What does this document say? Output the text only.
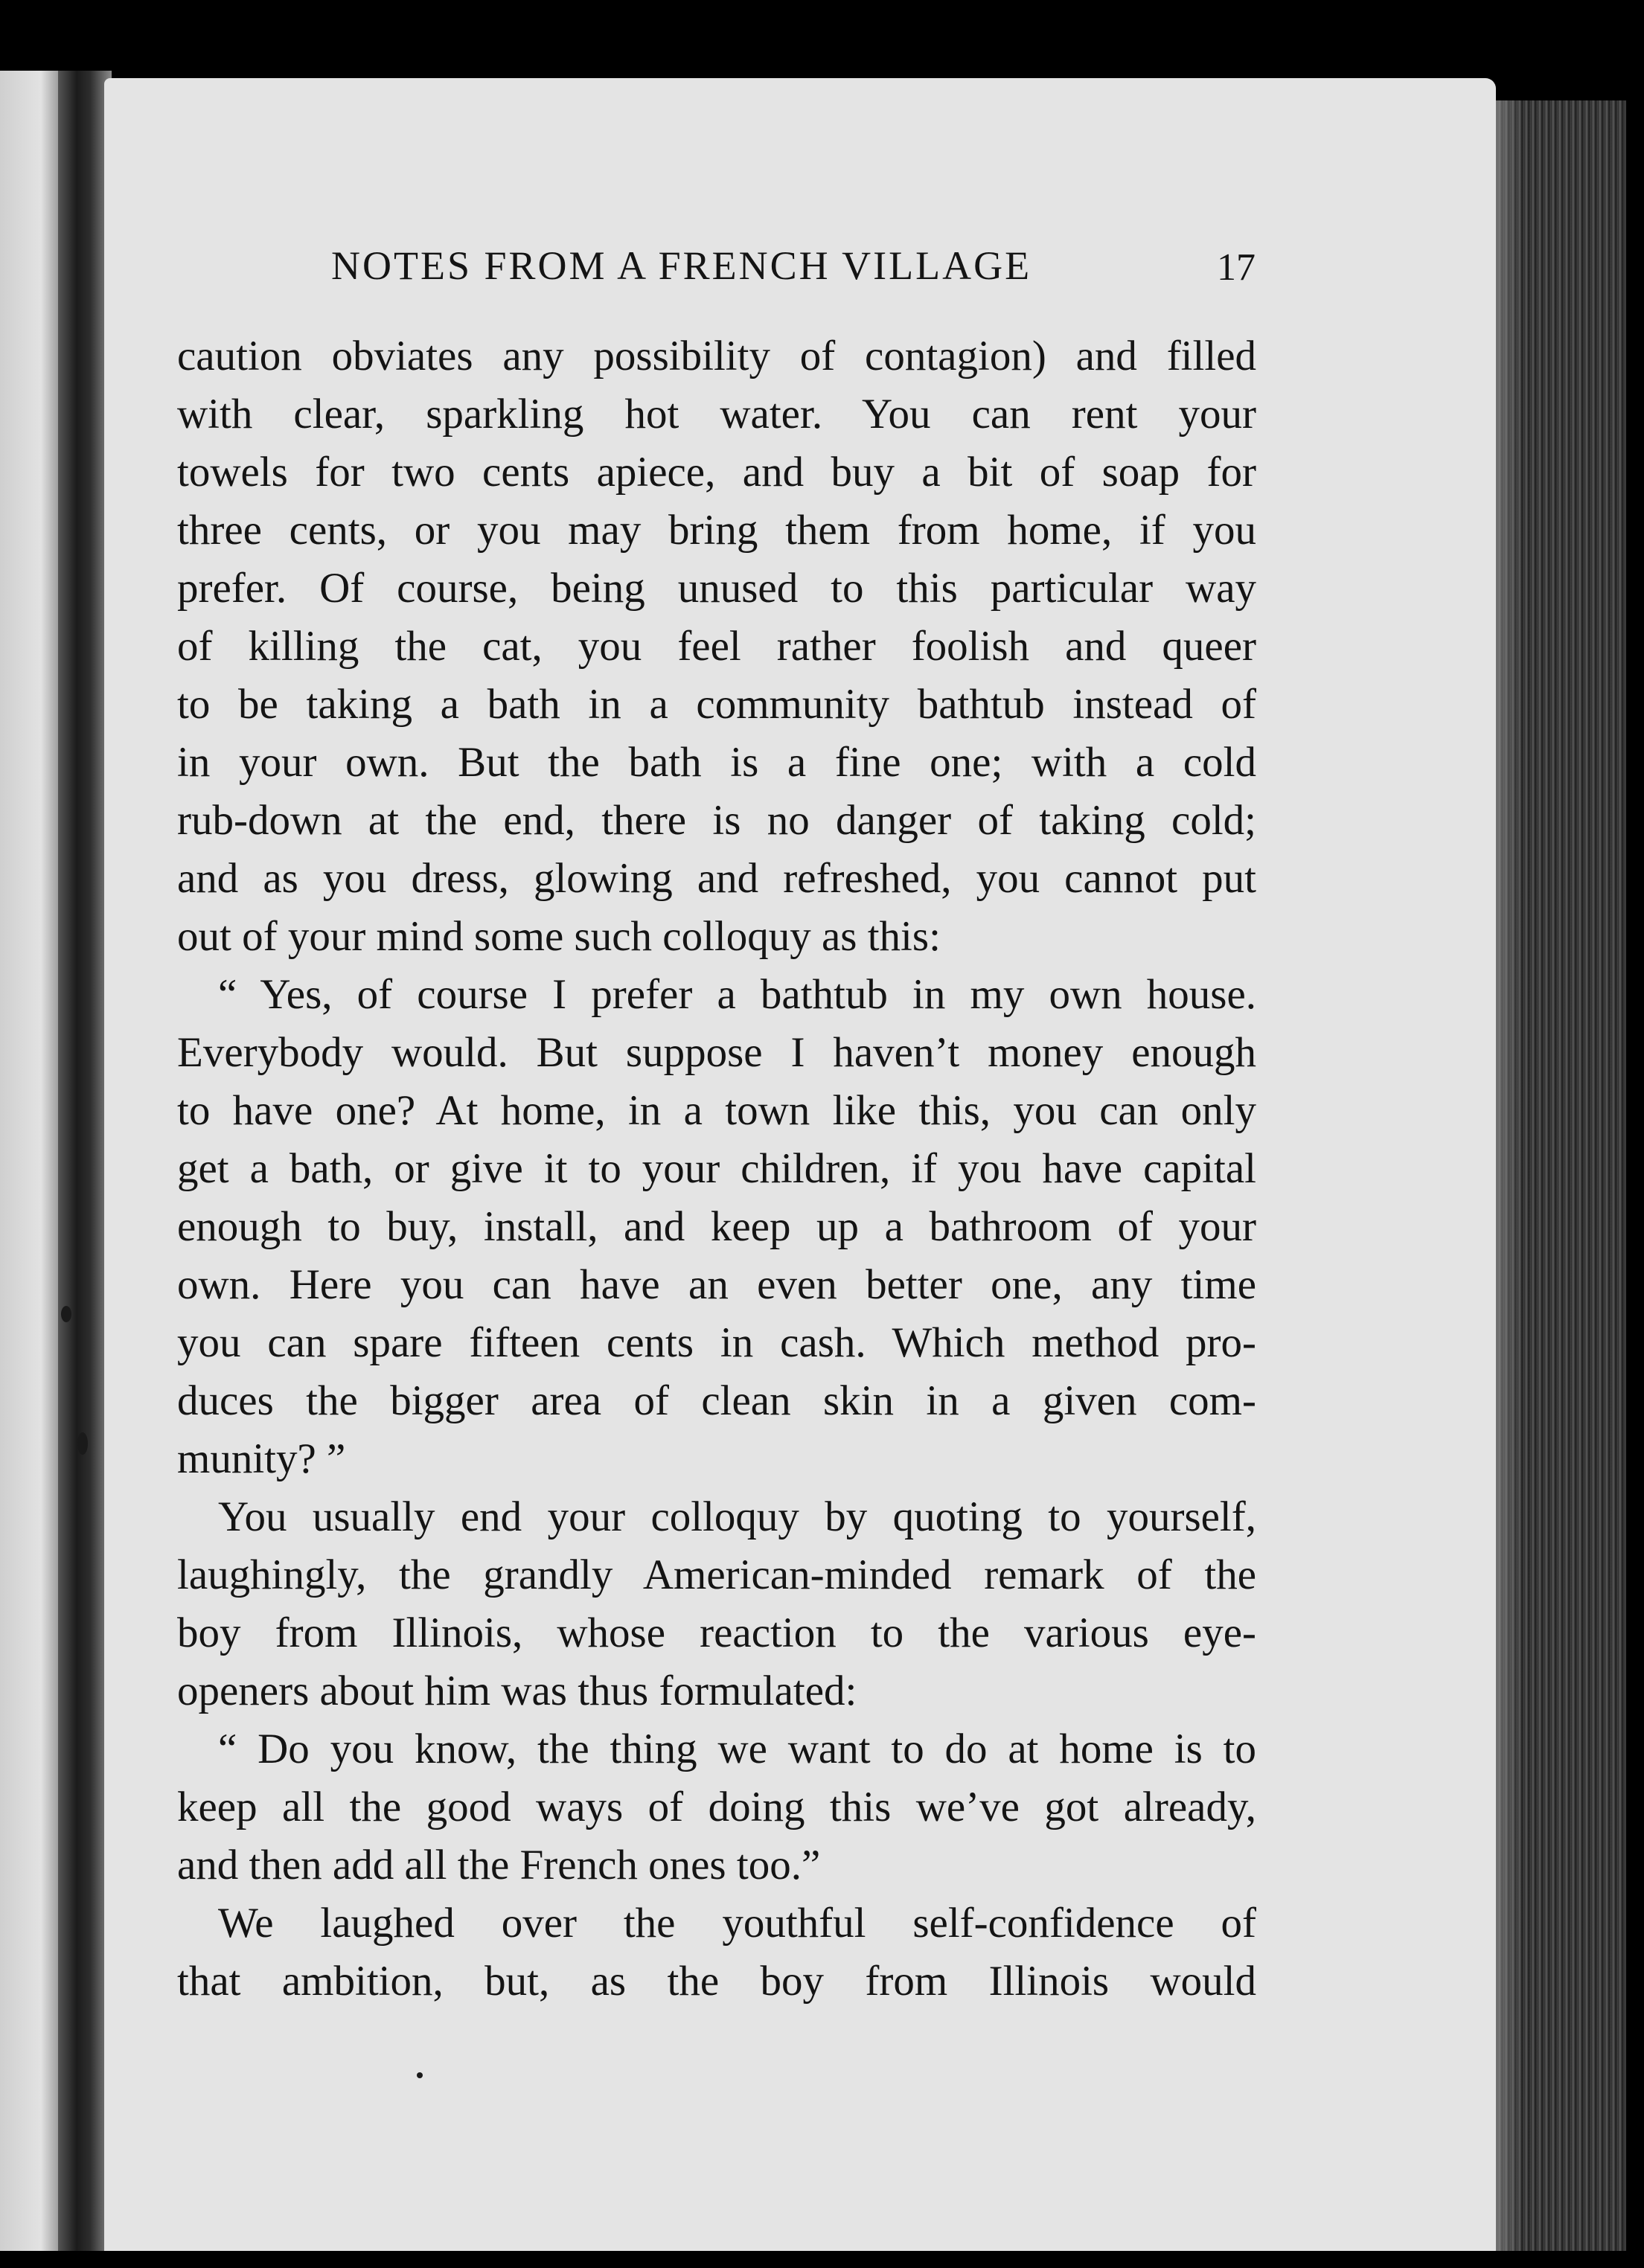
NOTES FROM A FRENCH VILLAGE	17
caution obviates any possibility of contagion) and filled
with clear, sparkling hot water. You can rent your
towels for two cents apiece, and buy a bit of soap for
three cents, or you may bring them from home, if you
prefer. Of course, being unused to this particular way
of killing the cat, you feel rather foolish and queer
to be taking a bath in a community bathtub instead of
in your own. But the bath is a fine one; with a cold
rub-down at the end, there is no danger of taking cold;
and as you dress, glowing and refreshed, you cannot put
out of your mind some such colloquy as this:
“ Yes, of course I prefer a bathtub in my own house.
Everybody would. But suppose I haven’t money enough
to have one? At home, in a town like this, you can only
get a bath, or give it to your children, if you have capital
enough to buy, install, and keep up a bathroom of your
own. Here you can have an even better one, any time
you can spare fifteen cents in cash. Which method pro-
duces the bigger area of clean skin in a given com-
munity? ”
You usually end your colloquy by quoting to yourself,
laughingly, the grandly American-minded remark of the
boy from Illinois, whose reaction to the various eye-
openers about him was thus formulated:
“ Do you know, the thing we want to do at home is to
keep all the good ways of doing this we’ve got already,
and then add all the French ones too.”
We laughed over the youthful self-confidence of
that ambition, but, as the boy from Illinois would
